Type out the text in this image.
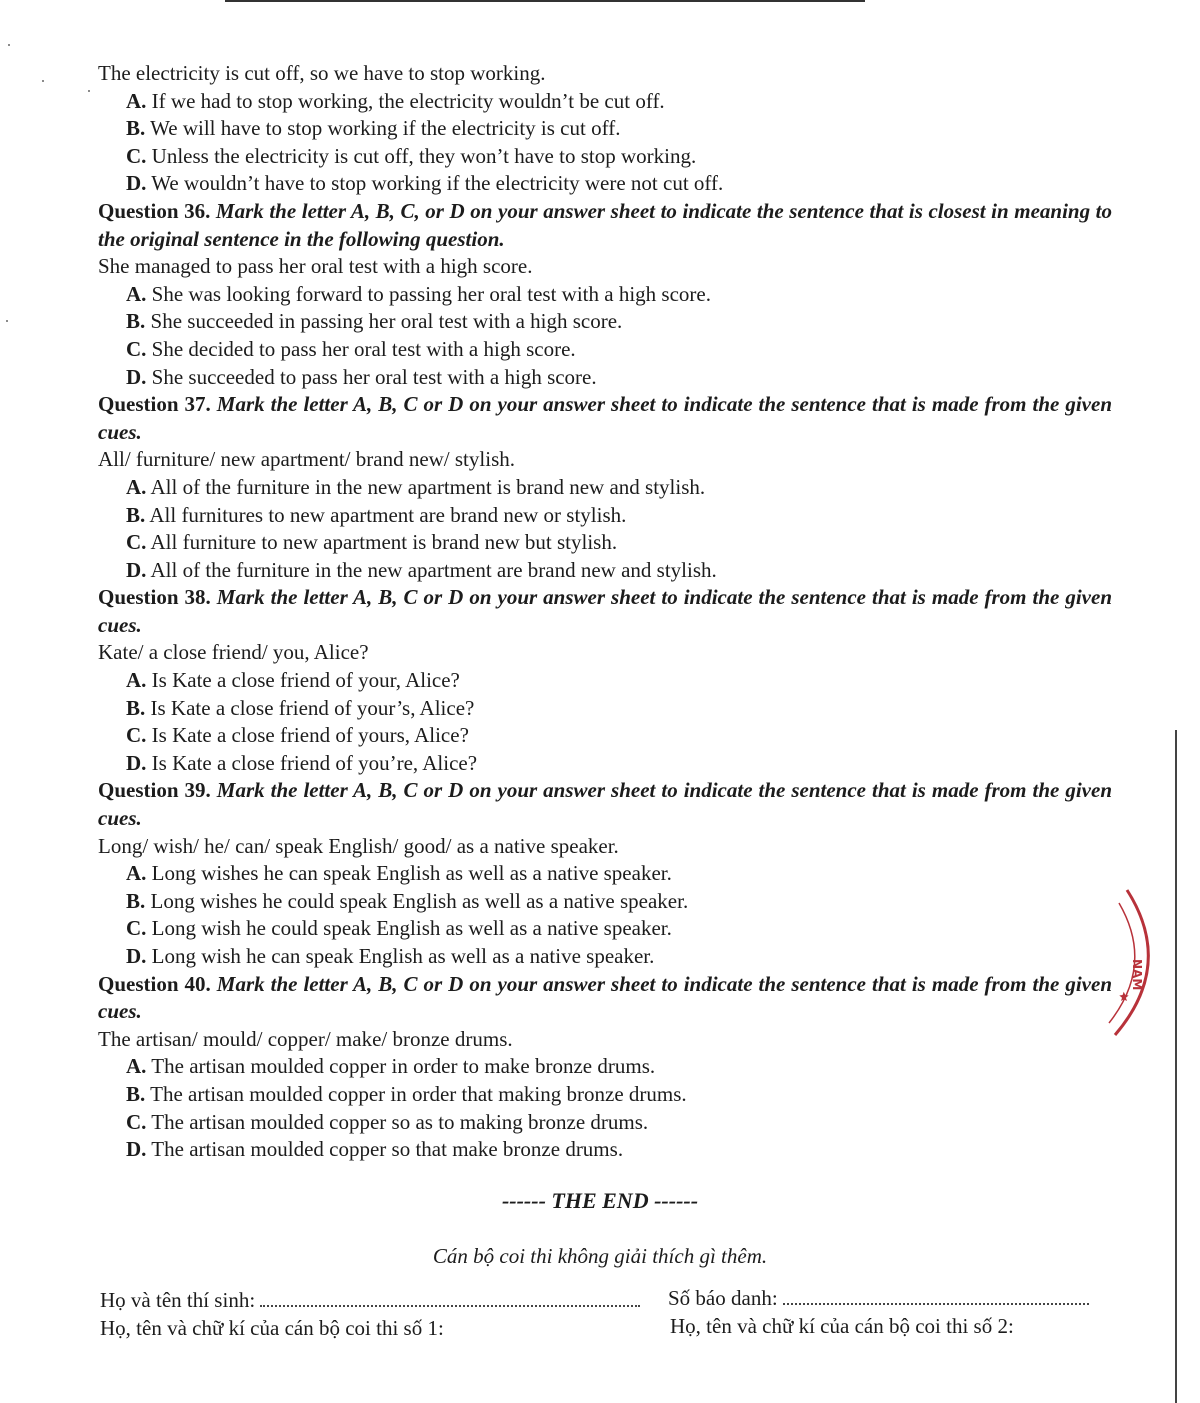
The electricity is cut off, so we have to stop working.
A. If we had to stop working, the electricity wouldn’t be cut off.
B. We will have to stop working if the electricity is cut off.
C. Unless the electricity is cut off, they won’t have to stop working.
D. We wouldn’t have to stop working if the electricity were not cut off.
Question 36. Mark the letter A, B, C, or D on your answer sheet to indicate the sentence that is closest in meaning to the original sentence in the following question.
She managed to pass her oral test with a high score.
A. She was looking forward to passing her oral test with a high score.
B. She succeeded in passing her oral test with a high score.
C. She decided to pass her oral test with a high score.
D. She succeeded to pass her oral test with a high score.
Question 37. Mark the letter A, B, C or D on your answer sheet to indicate the sentence that is made from the given cues.
All/ furniture/ new apartment/ brand new/ stylish.
A. All of the furniture in the new apartment is brand new and stylish.
B. All furnitures to new apartment are brand new or stylish.
C. All furniture to new apartment is brand new but stylish.
D. All of the furniture in the new apartment are brand new and stylish.
Question 38. Mark the letter A, B, C or D on your answer sheet to indicate the sentence that is made from the given cues.
Kate/ a close friend/ you, Alice?
A. Is Kate a close friend of your, Alice?
B. Is Kate a close friend of your’s, Alice?
C. Is Kate a close friend of yours, Alice?
D. Is Kate a close friend of you’re, Alice?
Question 39. Mark the letter A, B, C or D on your answer sheet to indicate the sentence that is made from the given cues.
Long/ wish/ he/ can/ speak English/ good/ as a native speaker.
A. Long wishes he can speak English as well as a native speaker.
B. Long wishes he could speak English as well as a native speaker.
C. Long wish he could speak English as well as a native speaker.
D. Long wish he can speak English as well as a native speaker.
Question 40. Mark the letter A, B, C or D on your answer sheet to indicate the sentence that is made from the given cues.
The artisan/ mould/ copper/ make/ bronze drums.
A. The artisan moulded copper in order to make bronze drums.
B. The artisan moulded copper in order that making bronze drums.
C. The artisan moulded copper so as to making bronze drums.
D. The artisan moulded copper so that make bronze drums.
------ THE END ------
Cán bộ coi thi không giải thích gì thêm.
Họ và tên thí sinh:	Số báo danh:
Họ, tên và chữ kí của cán bộ coi thi số 1:	Họ, tên và chữ kí của cán bộ coi thi số 2:
NAM
